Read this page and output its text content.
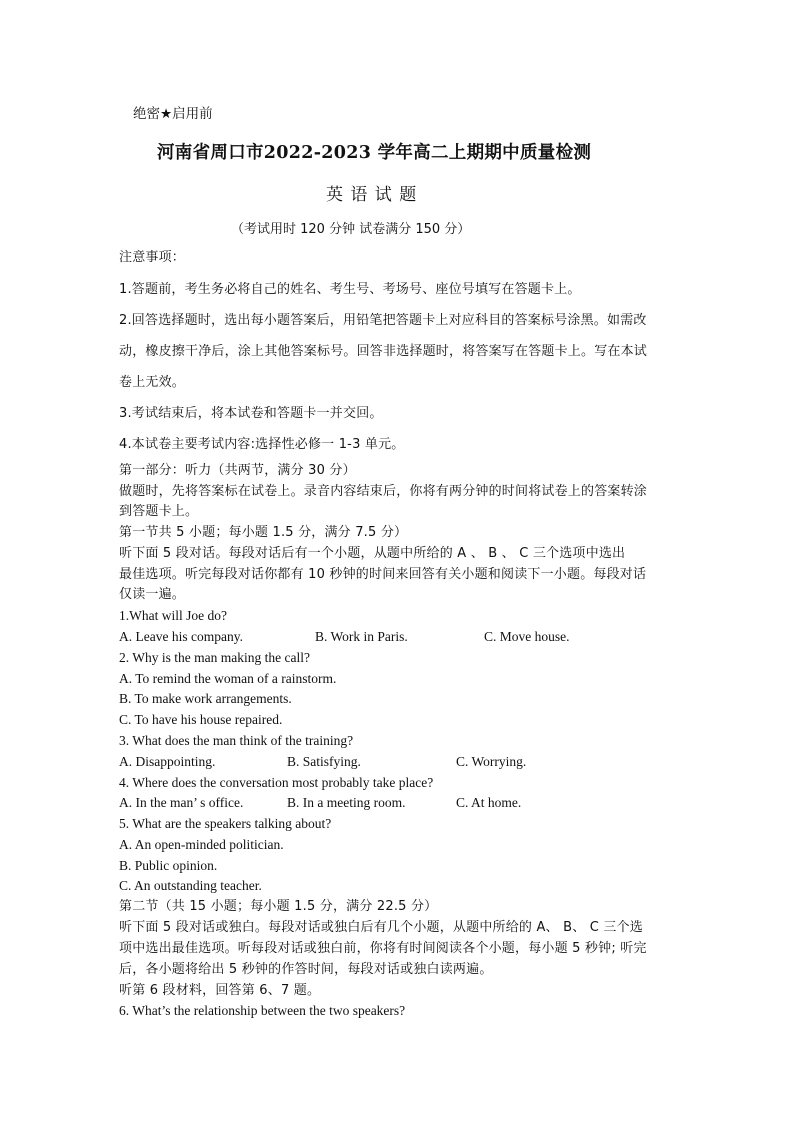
绝密★启用前
河南省周口市2022-2023 学年高二上期期中质量检测
英 语 试 题
（考试用时 120 分钟 试卷满分 150 分）
注意事项：
1.答题前，考生务必将自己的姓名、考生号、考场号、座位号填写在答题卡上。
2.回答选择题时，选出每小题答案后，用铅笔把答题卡上对应科目的答案标号涂黑。如需改
动，橡皮擦干净后，涂上其他答案标号。回答非选择题时，将答案写在答题卡上。写在本试
卷上无效。
3.考试结束后，将本试卷和答题卡一并交回。
4.本试卷主要考试内容:选择性必修一 1-3 单元。
第一部分：听力（共两节，满分 30 分）
做题时，先将答案标在试卷上。录音内容结束后，你将有两分钟的时间将试卷上的答案转涂
到答题卡上。
第一节共 5 小题；每小题 1.5 分，满分 7.5 分）
听下面 5 段对话。每段对话后有一个小题，从题中所给的 A 、 B 、 C 三个选项中选出
最佳选项。听完每段对话你都有 10 秒钟的时间来回答有关小题和阅读下一小题。每段对话
仅读一遍。
1.What will Joe do?
A. Leave his company.	B. Work in Paris.	C. Move house.
2. Why is the man making the call?
A. To remind the woman of a rainstorm.
B. To make work arrangements.
C. To have his house repaired.
3. What does the man think of the training?
A. Disappointing.	B. Satisfying.	C. Worrying.
4. Where does the conversation most probably take place?
A. In the man’ s office.	B. In a meeting room.	C. At home.
5. What are the speakers talking about?
A. An open-minded politician.
B. Public opinion.
C. An outstanding teacher.
第二节（共 15 小题；每小题 1.5 分，满分 22.5 分）
听下面 5 段对话或独白。每段对话或独白后有几个小题，从题中所给的 A、 B、 C 三个选
项中选出最佳选项。听每段对话或独白前，你将有时间阅读各个小题，每小题 5 秒钟; 听完
后，各小题将给出 5 秒钟的作答时间，每段对话或独白读两遍。
听第 6 段材料，回答第 6、7 题。
6. What’s the relationship between the two speakers?
